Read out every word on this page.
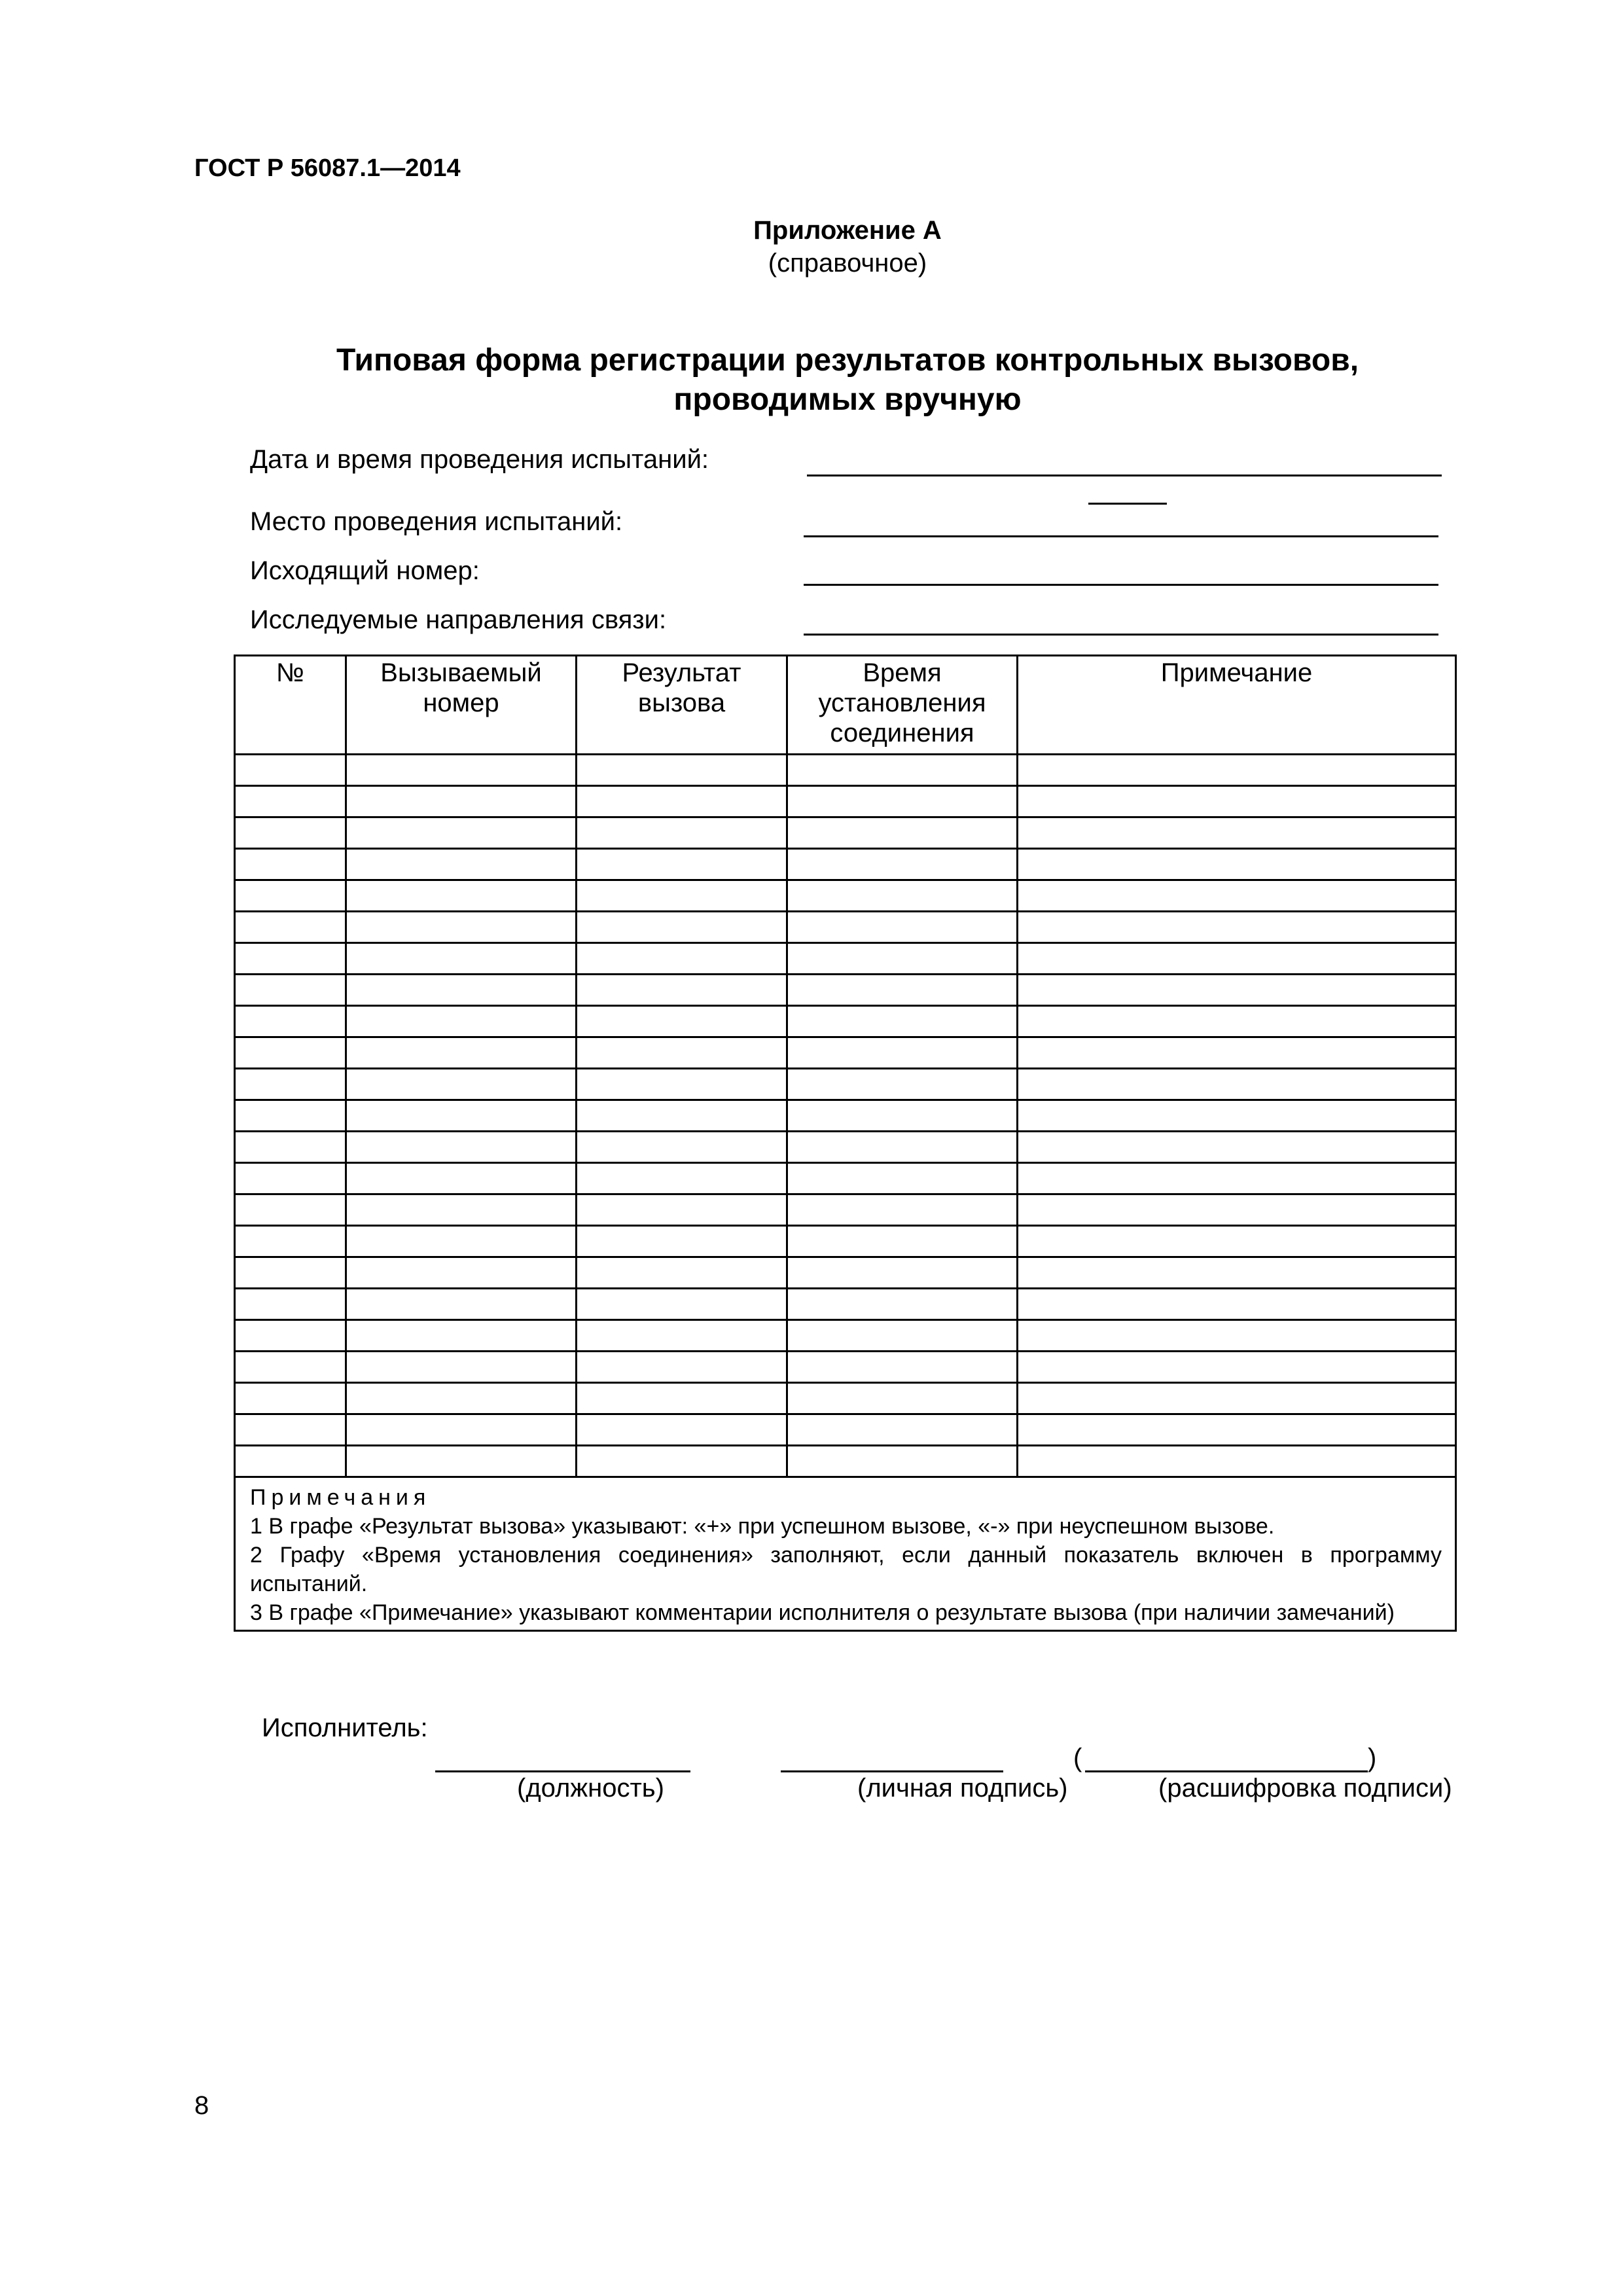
ГОСТ Р 56087.1—2014
Приложение А
(справочное)
Типовая форма регистрации результатов контрольных вызовов,
проводимых вручную
Дата и время проведения испытаний:
Место проведения испытаний:
Исходящий номер:
Исследуемые направления связи:
№	Вызываемый номер	Результат вызова	Время установления соединения	Примечание

Примечания

1 В графе «Результат вызова» указывают: «+» при успешном вызове, «-» при неуспешном вызове.

2 Графу «Время установления соединения» заполняют, если данный показатель включен в программу испытаний.

3 В графе «Примечание» указывают комментарии исполнителя о результате вызова (при наличии замечаний)				

Исполнитель:
(должность)	(личная подпись)
(	)
(расшифровка подписи)
8
